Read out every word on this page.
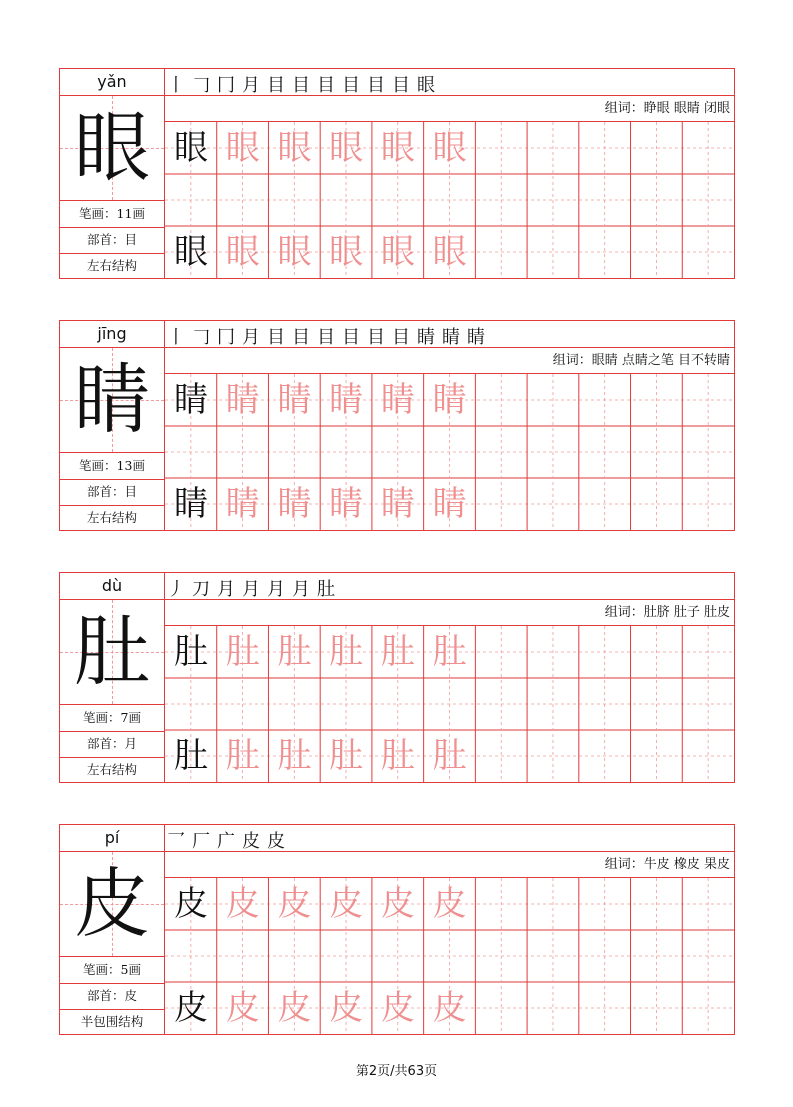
yǎn
眼
笔画：11画
部首：目
左右结构
丨 𠃌 冂 月 目 目 目 目 目 目 眼
组词：睁眼 眼睛 闭眼
眼 眼 眼 眼 眼 眼
眼 眼 眼 眼 眼 眼
jīng
睛
笔画：13画
部首：目
左右结构
丨 𠃌 冂 月 目 目 目 目 目 目 睛 睛 睛
组词：眼睛 点睛之笔 目不转睛
睛 睛 睛 睛 睛 睛
睛 睛 睛 睛 睛 睛
dù
肚
笔画：7画
部首：月
左右结构
丿 刀 月 月 月 月 肚
组词：肚脐 肚子 肚皮
肚 肚 肚 肚 肚 肚
肚 肚 肚 肚 肚 肚
pí
皮
笔画：5画
部首：皮
半包围结构
乛 厂 广 皮 皮
组词：牛皮 橡皮 果皮
皮 皮 皮 皮 皮 皮
皮 皮 皮 皮 皮 皮
第2页/共63页
